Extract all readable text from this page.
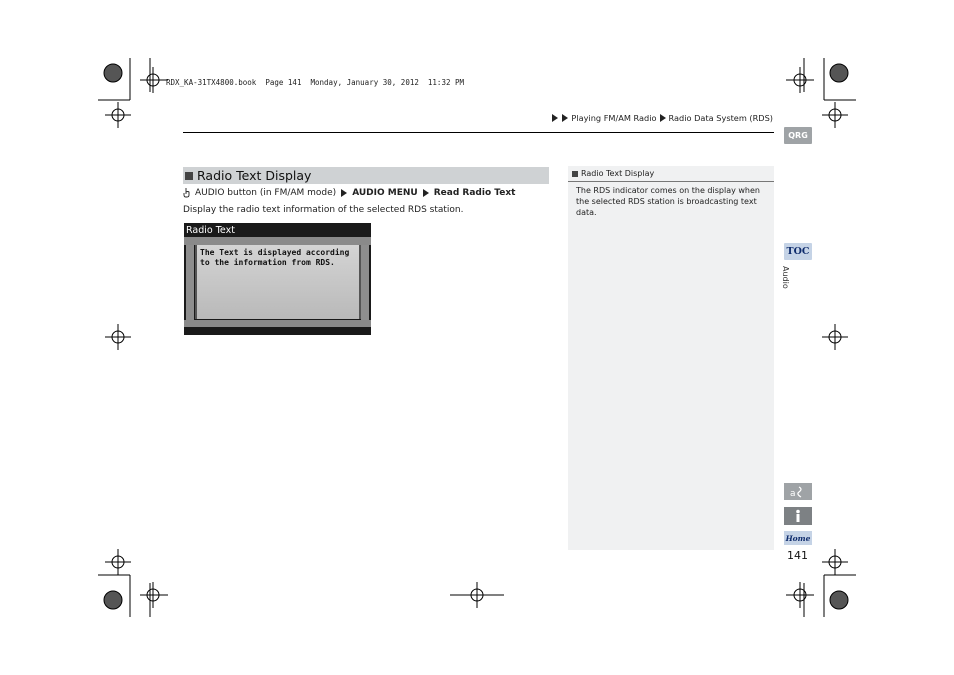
RDX_KA-31TX4800.book  Page 141  Monday, January 30, 2012  11:32 PM
Playing FM/AM Radio Radio Data System (RDS)
QRG
TOC
Audio
Radio Text Display
AUDIO button (in FM/AM mode) AUDIO MENU Read Radio Text
Display the radio text information of the selected RDS station.
Radio Text
The Text is displayed according to the information from RDS.
Radio Text Display
The RDS indicator comes on the display when the selected RDS station is broadcasting text data.
a
Home
141
